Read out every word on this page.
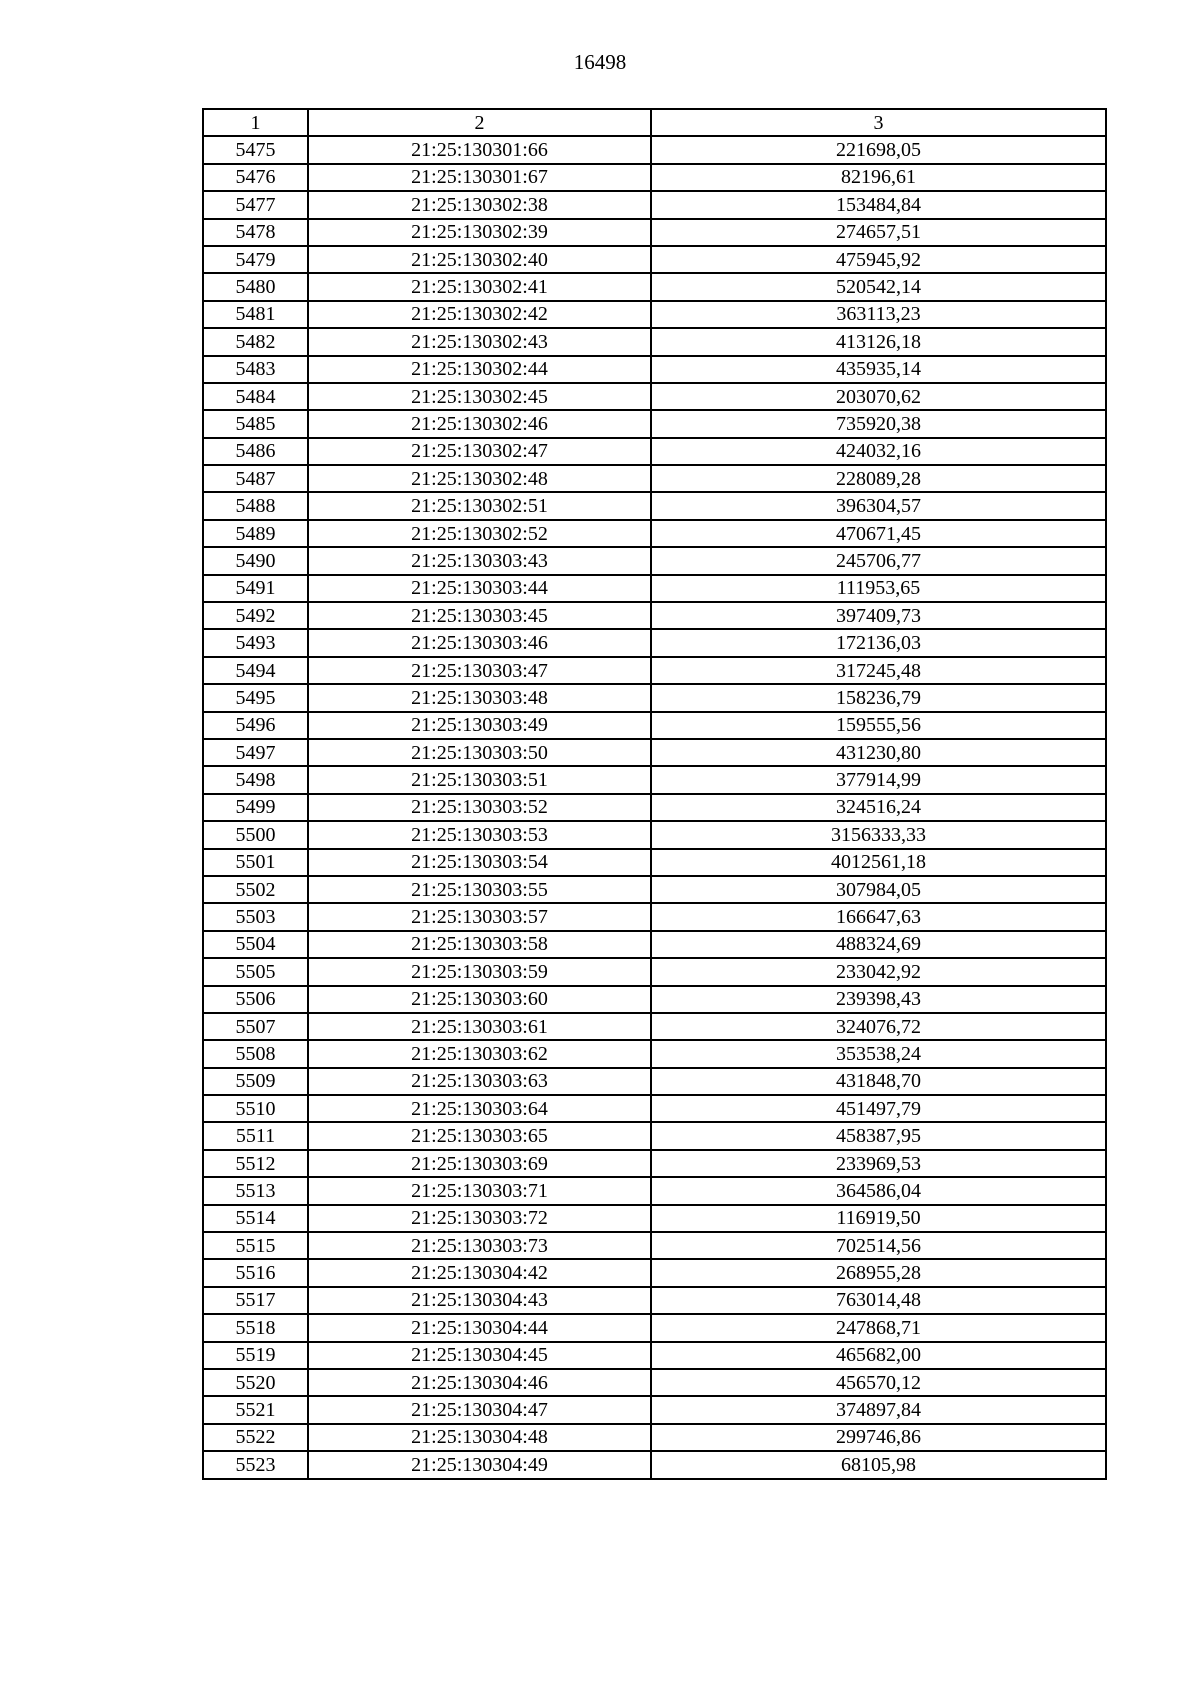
16498
1	2	3
5475	21:25:130301:66	221698,05
5476	21:25:130301:67	82196,61
5477	21:25:130302:38	153484,84
5478	21:25:130302:39	274657,51
5479	21:25:130302:40	475945,92
5480	21:25:130302:41	520542,14
5481	21:25:130302:42	363113,23
5482	21:25:130302:43	413126,18
5483	21:25:130302:44	435935,14
5484	21:25:130302:45	203070,62
5485	21:25:130302:46	735920,38
5486	21:25:130302:47	424032,16
5487	21:25:130302:48	228089,28
5488	21:25:130302:51	396304,57
5489	21:25:130302:52	470671,45
5490	21:25:130303:43	245706,77
5491	21:25:130303:44	111953,65
5492	21:25:130303:45	397409,73
5493	21:25:130303:46	172136,03
5494	21:25:130303:47	317245,48
5495	21:25:130303:48	158236,79
5496	21:25:130303:49	159555,56
5497	21:25:130303:50	431230,80
5498	21:25:130303:51	377914,99
5499	21:25:130303:52	324516,24
5500	21:25:130303:53	3156333,33
5501	21:25:130303:54	4012561,18
5502	21:25:130303:55	307984,05
5503	21:25:130303:57	166647,63
5504	21:25:130303:58	488324,69
5505	21:25:130303:59	233042,92
5506	21:25:130303:60	239398,43
5507	21:25:130303:61	324076,72
5508	21:25:130303:62	353538,24
5509	21:25:130303:63	431848,70
5510	21:25:130303:64	451497,79
5511	21:25:130303:65	458387,95
5512	21:25:130303:69	233969,53
5513	21:25:130303:71	364586,04
5514	21:25:130303:72	116919,50
5515	21:25:130303:73	702514,56
5516	21:25:130304:42	268955,28
5517	21:25:130304:43	763014,48
5518	21:25:130304:44	247868,71
5519	21:25:130304:45	465682,00
5520	21:25:130304:46	456570,12
5521	21:25:130304:47	374897,84
5522	21:25:130304:48	299746,86
5523	21:25:130304:49	68105,98
